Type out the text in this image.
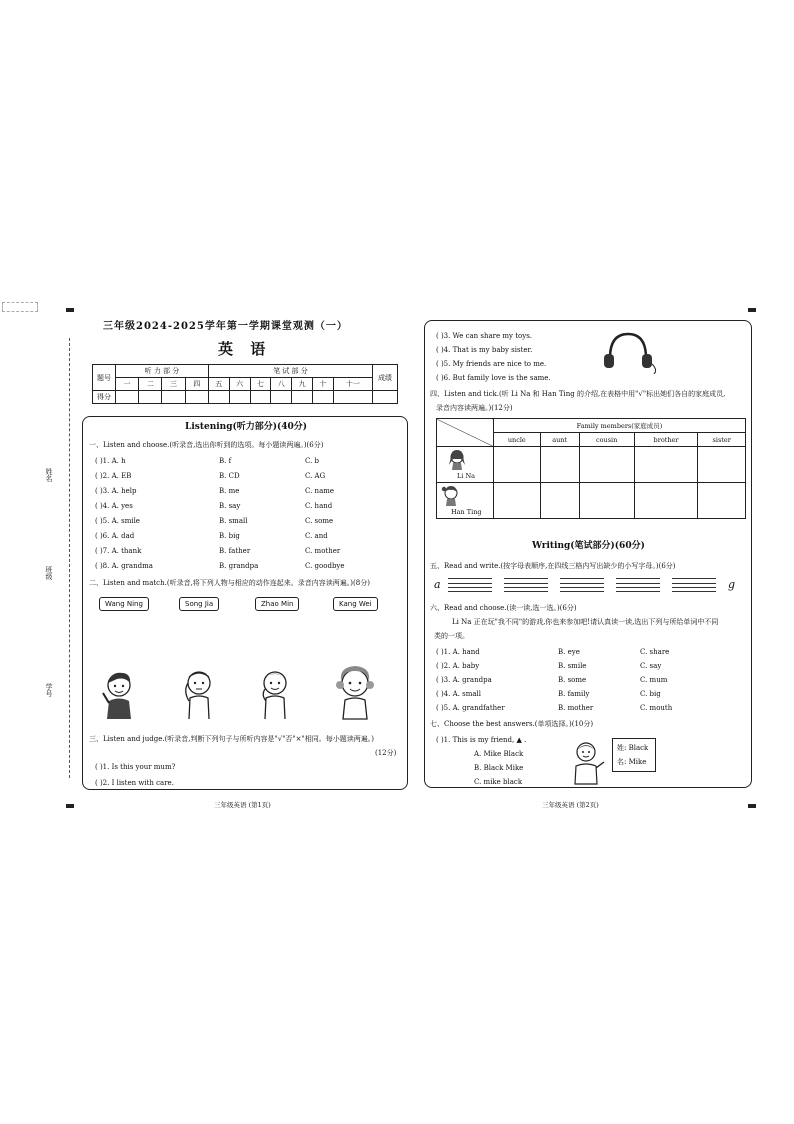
姓名
班级
学号
三年级2024-2025学年第一学期课堂观测（一）
英 语
题号	听 力 部 分				笔 试 部 分							成绩
	一	二	三	四	五	六	七	八	九	十	十一	
得分												
Listening(听力部分)(40分)
一、Listen and choose.(听录音,选出你听到的选项。每小题读两遍。)(6分)
( )1. A. h	B. f	C. b
( )2. A. EB	B. CD	C. AG
( )3. A. help	B. me	C. name
( )4. A. yes	B. say	C. hand
( )5. A. smile	B. small	C. some
( )6. A. dad	B. big	C. and
( )7. A. thank	B. father	C. mother
( )8. A. grandma	B. grandpa	C. goodbye
二、Listen and match.(听录音,将下列人物与相应的动作连起来。录音内容读两遍。)(8分)
Wang Ning	Song Jia	Zhao Min	Kang Wei
三、Listen and judge.(听录音,判断下列句子与所听内容是"√"否"×"相同。每小题读两遍。)
(12分)
( )1. Is this your mum?
( )2. I listen with care.
三年级英语 (第1页)
( )3. We can share my toys.
( )4. That is my baby sister.
( )5. My friends are nice to me.
( )6. But family love is the same.
四、Listen and tick.(听 Li Na 和 Han Ting 的介绍,在表格中用"√"标出她们各自的家庭成员,
录音内容读两遍。)(12分)
	Family members(家庭成员)				
	uncle	aunt	cousin	brother	sister

Li Na					

Han Ting					

Writing(笔试部分)(60分)
五、Read and write.(按字母表顺序,在四线三格内写出缺少的小写字母。)(6分)
a	g
六、Read and choose.(读一读,选一选。)(6分)
Li Na 正在玩"我不同"的游戏,你也来参加吧!请认真读一读,选出下列与所给单词中不同
类的一项。
( )1. A. hand	B. eye	C. share
( )2. A. baby	B. smile	C. say
( )3. A. grandpa	B. some	C. mum
( )4. A. small	B. family	C. big
( )5. A. grandfather	B. mother	C. mouth
七、Choose the best answers.(单项选择。)(10分)
( )1. This is my friend, ▲ .
A. Mike Black
B. Black Mike
C. mike black
姓: Black
名: Mike
三年级英语 (第2页)
